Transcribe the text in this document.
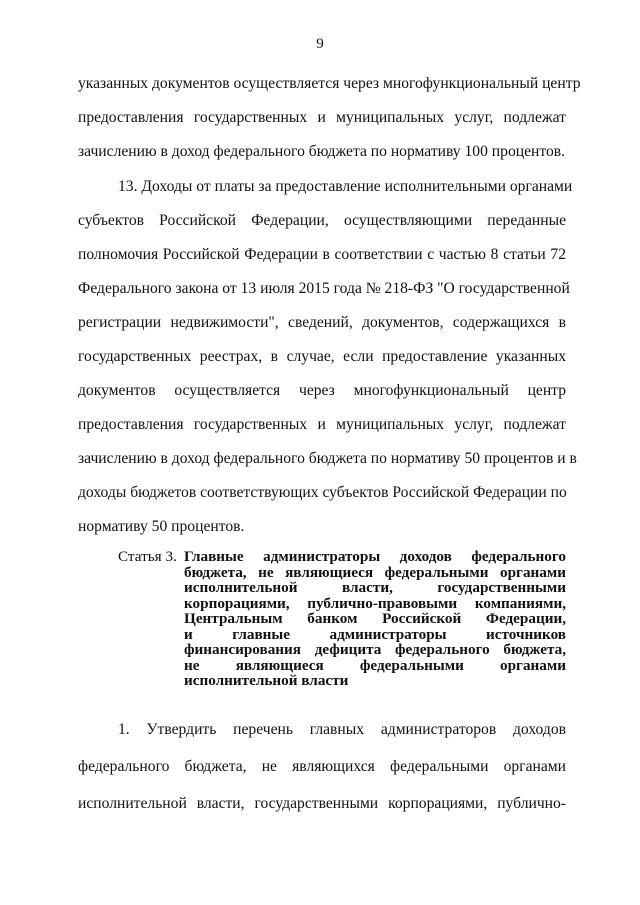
9
указанных документов осуществляется через многофункциональный центр
предоставления государственных и муниципальных услуг, подлежат
зачислению в доход федерального бюджета по нормативу 100 процентов.
13. Доходы от платы за предоставление исполнительными органами
субъектов Российской Федерации, осуществляющими переданные
полномочия Российской Федерации в соответствии с частью 8 статьи 72
Федерального закона от 13 июля 2015 года № 218-ФЗ "О государственной
регистрации недвижимости", сведений, документов, содержащихся в
государственных реестрах, в случае, если предоставление указанных
документов осуществляется через многофункциональный центр
предоставления государственных и муниципальных услуг, подлежат
зачислению в доход федерального бюджета по нормативу 50 процентов и в
доходы бюджетов соответствующих субъектов Российской Федерации по
нормативу 50 процентов.
Статья 3. Главные администраторы доходов федерального
бюджета, не являющиеся федеральными органами
исполнительной власти, государственными
корпорациями, публично-правовыми компаниями,
Центральным банком Российской Федерации,
и главные администраторы источников
финансирования дефицита федерального бюджета,
не являющиеся федеральными органами
исполнительной власти
1. Утвердить перечень главных администраторов доходов
федерального бюджета, не являющихся федеральными органами
исполнительной власти, государственными корпорациями, публично-
